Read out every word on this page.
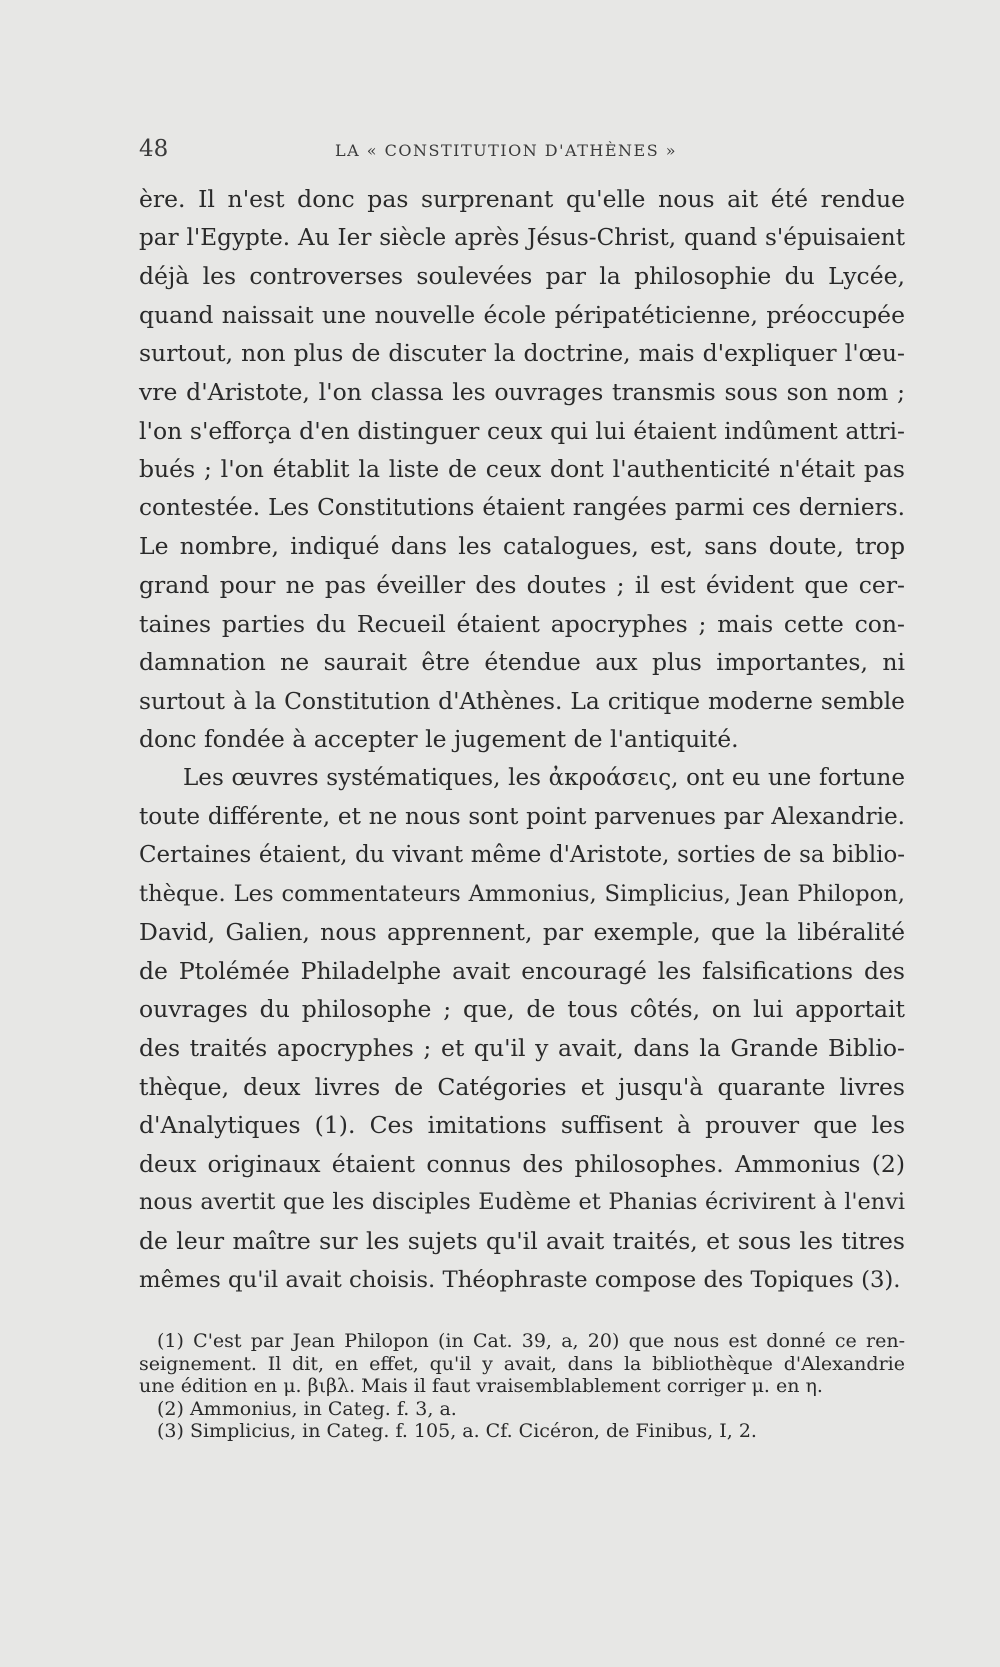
48	LA « CONSTITUTION D'ATHÈNES »

ère. Il n'est donc pas surprenant qu'elle nous ait été rendue
par l'Egypte. Au Ier siècle après Jésus-Christ, quand s'épuisaient
déjà les controverses soulevées par la philosophie du Lycée,
quand naissait une nouvelle école péripatéticienne, préoccupée
surtout, non plus de discuter la doctrine, mais d'expliquer l'œu-
vre d'Aristote, l'on classa les ouvrages transmis sous son nom ;
l'on s'efforça d'en distinguer ceux qui lui étaient indûment attri-
bués ; l'on établit la liste de ceux dont l'authenticité n'était pas
contestée. Les Constitutions étaient rangées parmi ces derniers.
Le nombre, indiqué dans les catalogues, est, sans doute, trop
grand pour ne pas éveiller des doutes ; il est évident que cer-
taines parties du Recueil étaient apocryphes ; mais cette con-
damnation ne saurait être étendue aux plus importantes, ni
surtout à la Constitution d'Athènes. La critique moderne semble
donc fondée à accepter le jugement de l'antiquité.

Les œuvres systématiques, les ἀκροάσεις, ont eu une fortune
toute différente, et ne nous sont point parvenues par Alexandrie.
Certaines étaient, du vivant même d'Aristote, sorties de sa biblio-
thèque. Les commentateurs Ammonius, Simplicius, Jean Philopon,
David, Galien, nous apprennent, par exemple, que la libéralité
de Ptolémée Philadelphe avait encouragé les falsifications des
ouvrages du philosophe ; que, de tous côtés, on lui apportait
des traités apocryphes ; et qu'il y avait, dans la Grande Biblio-
thèque, deux livres de Catégories et jusqu'à quarante livres
d'Analytiques (1). Ces imitations suffisent à prouver que les
deux originaux étaient connus des philosophes. Ammonius (2)
nous avertit que les disciples Eudème et Phanias écrivirent à l'envi
de leur maître sur les sujets qu'il avait traités, et sous les titres
mêmes qu'il avait choisis. Théophraste compose des Topiques (3).

(1) C'est par Jean Philopon (in Cat. 39, a, 20) que nous est donné ce ren-
seignement. Il dit, en effet, qu'il y avait, dans la bibliothèque d'Alexandrie
une édition en μ. βιβλ. Mais il faut vraisemblablement corriger μ. en η.

(2) Ammonius, in Categ. f. 3, a.

(3) Simplicius, in Categ. f. 105, a. Cf. Cicéron, de Finibus, I, 2.
